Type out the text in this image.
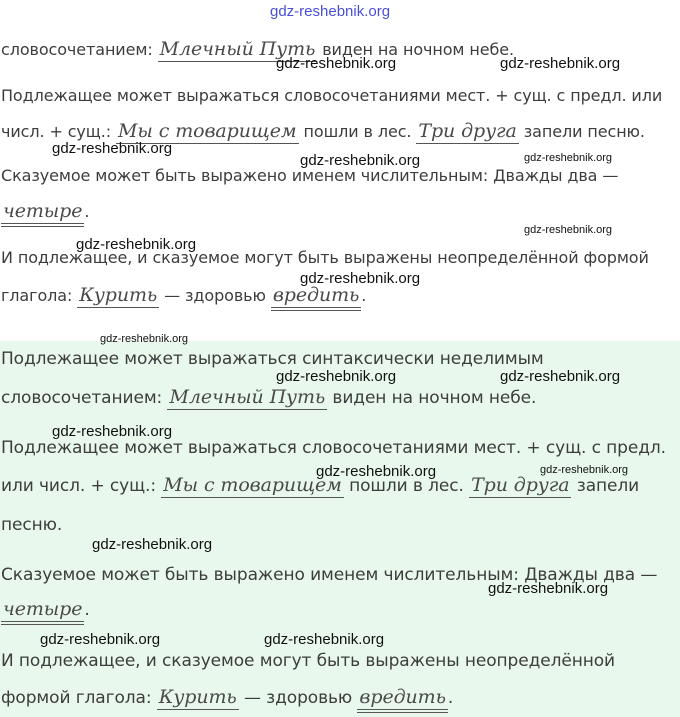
gdz-reshebnik.org
словосочетанием: Млечный Путь виден на ночном небе.
Подлежащее может выражаться словосочетаниями мест. + сущ. с предл. или
числ. + сущ.: Мы с товарищем пошли в лес. Три друга запели песню.
Сказуемое может быть выражено именем числительным: Дважды два —
четыре .
И подлежащее, и сказуемое могут быть выражены неопределённой формой
глагола: Курить — здоровью вредить .
Подлежащее может выражаться синтаксически неделимым
словосочетанием: Млечный Путь виден на ночном небе.
Подлежащее может выражаться словосочетаниями мест. + сущ. с предл.
или числ. + сущ.: Мы с товарищем пошли в лес. Три друга запели
песню.
Сказуемое может быть выражено именем числительным: Дважды два —
четыре .
И подлежащее, и сказуемое могут быть выражены неопределённой
формой глагола: Курить — здоровью вредить .
gdz-reshebnik.org	gdz-reshebnik.org
gdz-reshebnik.org
gdz-reshebnik.org	gdz-reshebnik.org
gdz-reshebnik.org
gdz-reshebnik.org
gdz-reshebnik.org
gdz-reshebnik.org
gdz-reshebnik.org	gdz-reshebnik.org
gdz-reshebnik.org
gdz-reshebnik.org	gdz-reshebnik.org
gdz-reshebnik.org
gdz-reshebnik.org
gdz-reshebnik.org	gdz-reshebnik.org
